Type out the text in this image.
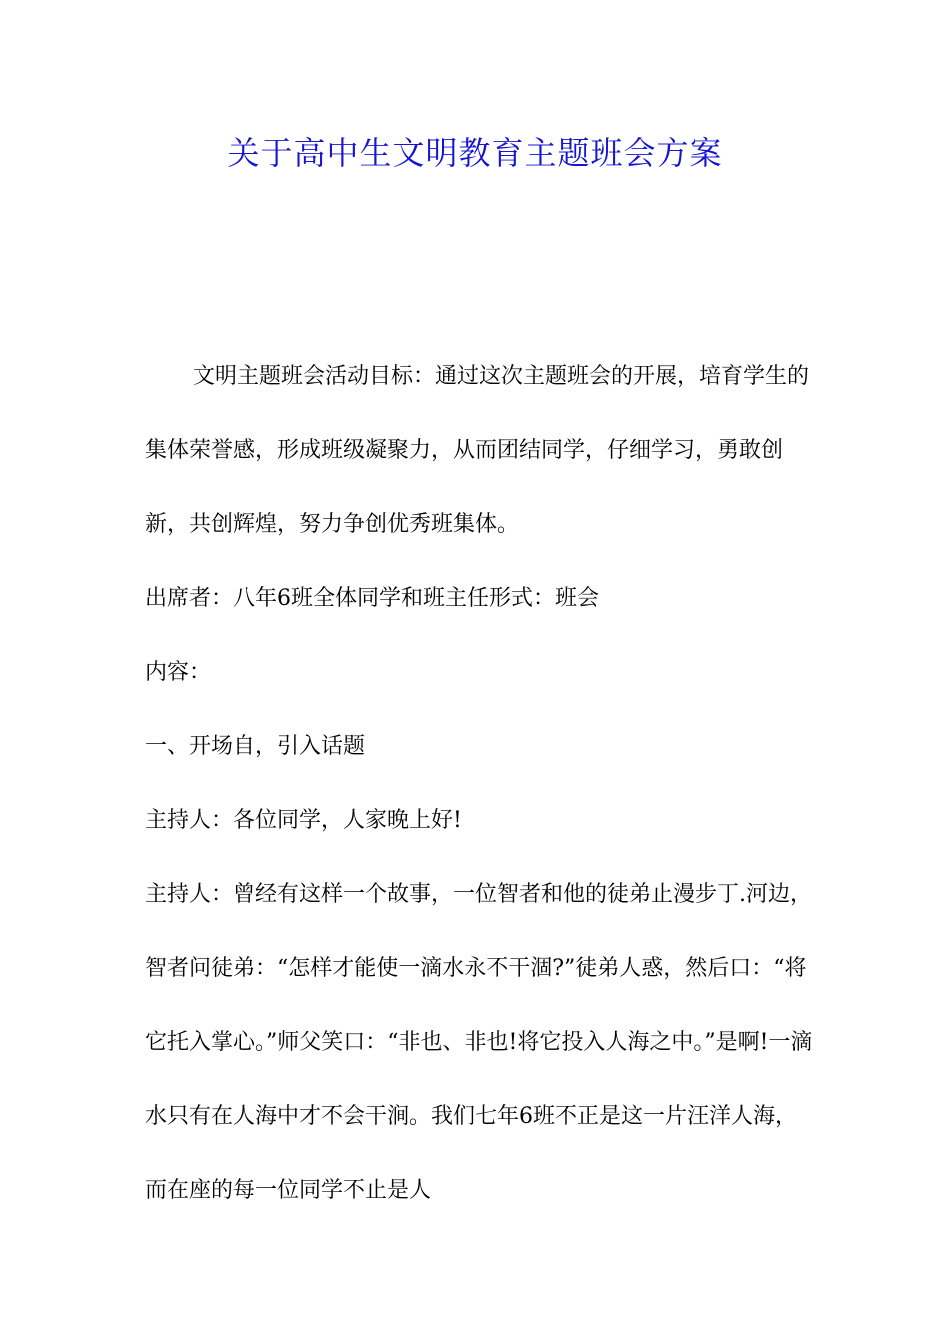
关于高中生文明教育主题班会方案

文明主题班会活动目标：通过这次主题班会的开展，培育学生的集体荣誉感，形成班级凝聚力，从而团结同学，仔细学习，勇敢创新，共创辉煌，努力争创优秀班集体。

出席者：八年6班全体同学和班主任形式：班会

内容：

一、开场自，引入话题

主持人：各位同学，人家晚上好!

主持人：曾经有这样一个故事，一位智者和他的徒弟止漫步丁.河边，智者问徒弟：“怎样才能使一滴水永不干涸?”徒弟人惑，然后口：“将它托入掌心。”师父笑口：“非也、非也!将它投入人海之中。”是啊!一滴水只有在人海中才不会干涧。我们七年6班不正是这一片汪洋人海，而在座的每一位同学不止是人
